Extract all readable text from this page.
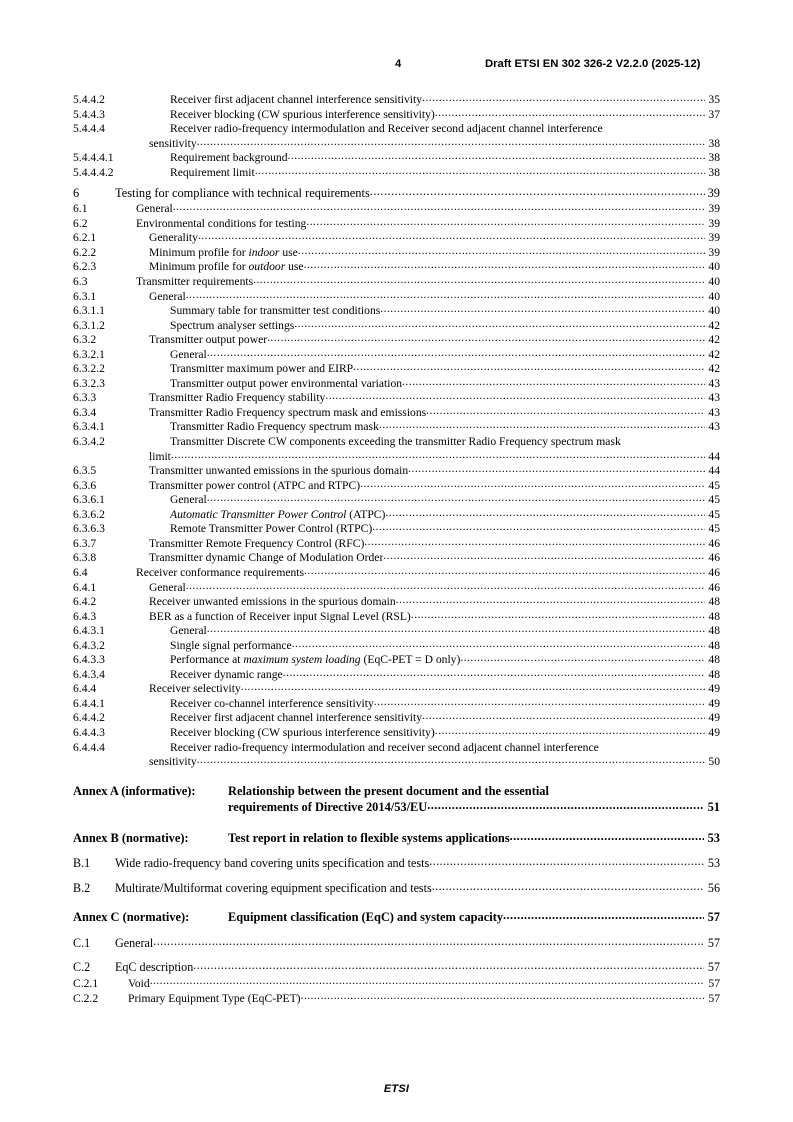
4	Draft ETSI EN 302 326-2 V2.2.0 (2025-12)
5.4.4.2	Receiver first adjacent channel interference sensitivity .....	35
5.4.4.3	Receiver blocking (CW spurious interference sensitivity) .....	37
5.4.4.4	Receiver radio-frequency intermodulation and Receiver second adjacent channel interference
sensitivity .....	38
5.4.4.4.1	Requirement background .....	38
5.4.4.4.2	Requirement limit .....	38
6	Testing for compliance with technical requirements .....	39
6.1	General .....	39
6.2	Environmental conditions for testing .....	39
6.2.1	Generality .....	39
6.2.2	Minimum profile for indoor use .....	39
6.2.3	Minimum profile for outdoor use .....	40
6.3	Transmitter requirements .....	40
6.3.1	General .....	40
6.3.1.1	Summary table for transmitter test conditions .....	40
6.3.1.2	Spectrum analyser settings .....	42
6.3.2	Transmitter output power .....	42
6.3.2.1	General .....	42
6.3.2.2	Transmitter maximum power and EIRP .....	42
6.3.2.3	Transmitter output power environmental variation .....	43
6.3.3	Transmitter Radio Frequency stability .....	43
6.3.4	Transmitter Radio Frequency spectrum mask and emissions .....	43
6.3.4.1	Transmitter Radio Frequency spectrum mask .....	43
6.3.4.2	Transmitter Discrete CW components exceeding the transmitter Radio Frequency spectrum mask
limit .....	44
6.3.5	Transmitter unwanted emissions in the spurious domain .....	44
6.3.6	Transmitter power control (ATPC and RTPC) .....	45
6.3.6.1	General .....	45
6.3.6.2	Automatic Transmitter Power Control (ATPC) .....	45
6.3.6.3	Remote Transmitter Power Control (RTPC) .....	45
6.3.7	Transmitter Remote Frequency Control (RFC) .....	46
6.3.8	Transmitter dynamic Change of Modulation Order .....	46
6.4	Receiver conformance requirements .....	46
6.4.1	General .....	46
6.4.2	Receiver unwanted emissions in the spurious domain .....	48
6.4.3	BER as a function of Receiver input Signal Level (RSL) .....	48
6.4.3.1	General .....	48
6.4.3.2	Single signal performance .....	48
6.4.3.3	Performance at maximum system loading (EqC-PET = D only) .....	48
6.4.3.4	Receiver dynamic range .....	48
6.4.4	Receiver selectivity .....	49
6.4.4.1	Receiver co-channel interference sensitivity .....	49
6.4.4.2	Receiver first adjacent channel interference sensitivity .....	49
6.4.4.3	Receiver blocking (CW spurious interference sensitivity) .....	49
6.4.4.4	Receiver radio-frequency intermodulation and receiver second adjacent channel interference
sensitivity .....	50
Annex A (informative):	Relationship between the present document and the essential
requirements of Directive 2014/53/EU .....	51
Annex B (normative):	Test report in relation to flexible systems applications .....	53
B.1	Wide radio-frequency band covering units specification and tests .....	53
B.2	Multirate/Multiformat covering equipment specification and tests .....	56
Annex C (normative):	Equipment classification (EqC) and system capacity .....	57
C.1	General .....	57
C.2	EqC description .....	57
C.2.1	Void .....	57
C.2.2	Primary Equipment Type (EqC-PET) .....	57
ETSI
